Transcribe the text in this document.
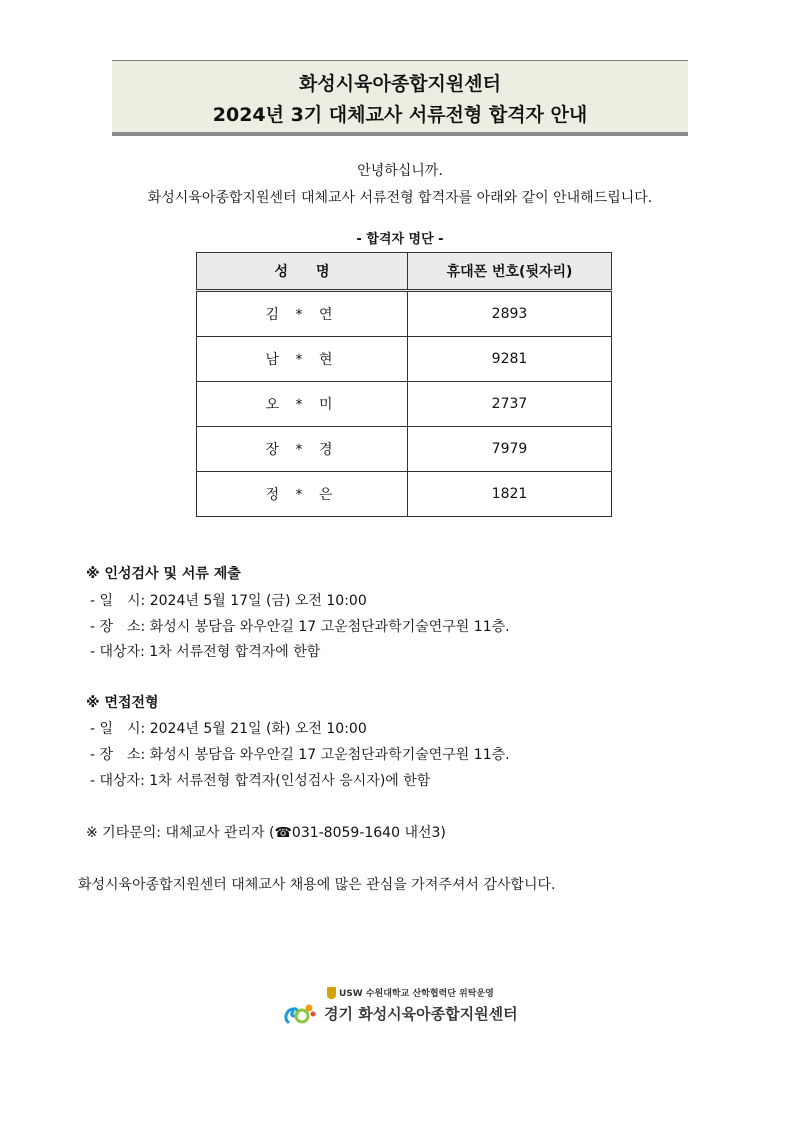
화성시육아종합지원센터
2024년 3기 대체교사 서류전형 합격자 안내
안녕하십니까.
화성시육아종합지원센터 대체교사 서류전형 합격자를 아래와 같이 안내해드립니다.
- 합격자 명단 -
성　　명	휴대폰 번호(뒷자리)
김 * 연	2893
남 * 현	9281
오 * 미	2737
장 * 경	7979
정 * 은	1821
※ 인성검사 및 서류 제출
- 일　시: 2024년 5월 17일 (금) 오전 10:00
- 장　소: 화성시 봉담읍 와우안길 17 고운첨단과학기술연구원 11층.
- 대상자: 1차 서류전형 합격자에 한함
※ 면접전형
- 일　시: 2024년 5월 21일 (화) 오전 10:00
- 장　소: 화성시 봉담읍 와우안길 17 고운첨단과학기술연구원 11층.
- 대상자: 1차 서류전형 합격자(인성검사 응시자)에 한함
※ 기타문의: 대체교사 관리자 (☎031-8059-1640 내선3)
화성시육아종합지원센터 대체교사 채용에 많은 관심을 가져주셔서 감사합니다.
USW 수원대학교 산학협력단 위탁운영
경기 화성시육아종합지원센터
